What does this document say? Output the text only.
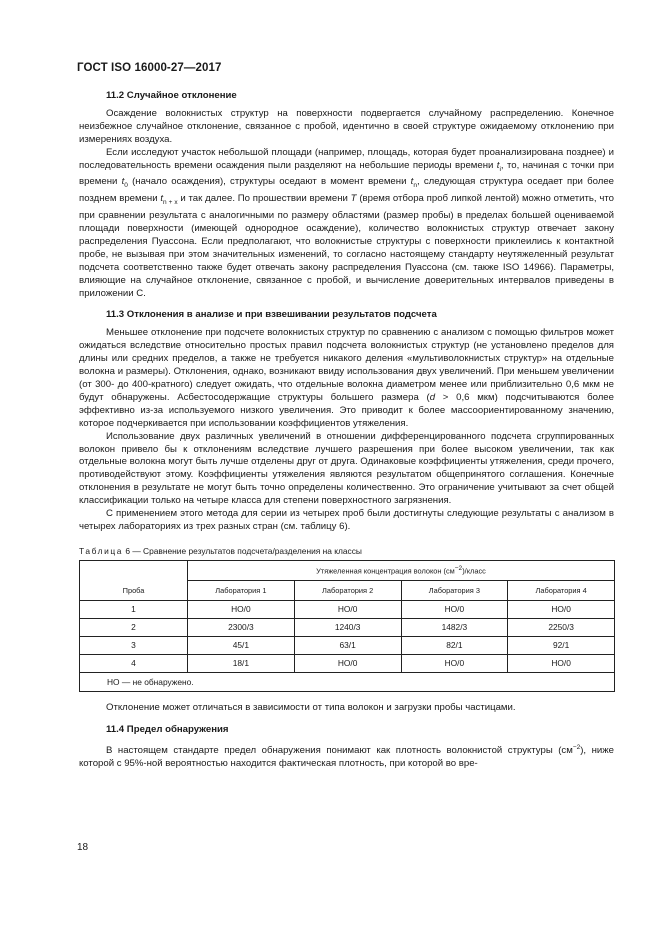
ГОСТ ISO 16000-27—2017
11.2 Случайное отклонение

Осаждение волокнистых структур на поверхности подвергается случайному распределению. Конечное неизбежное случайное отклонение, связанное с пробой, идентично в своей структуре ожидаемому отклонению при измерениях воздуха.

Если исследуют участок небольшой площади (например, площадь, которая будет проанализирована позднее) и последовательность времени осаждения пыли разделяют на небольшие периоды времени $t_i$, то, начиная с точки при времени $t_0$ (начало осаждения), структуры оседают в момент времени $t_n$, следующая структура оседает при более позднем времени $t_{n + x}$ и так далее. По прошествии времени T (время отбора проб липкой лентой) можно отметить, что при сравнении результата с аналогичными по размеру областями (размер пробы) в пределах большей оцениваемой площади поверхности (имеющей однородное осаждение), количество волокнистых структур отвечает закону распределения Пуассона. Если предполагают, что волокнистые структуры с поверхности приклеились к контактной пробе, не вызывая при этом значительных изменений, то согласно настоящему стандарту неутяжеленный результат подсчета соответственно также будет отвечать закону распределения Пуассона (см. также ISO 14966). Параметры, влияющие на случайное отклонение, связанное с пробой, и вычисление доверительных интервалов приведены в приложении С.

11.3 Отклонения в анализе и при взвешивании результатов подсчета

Меньшее отклонение при подсчете волокнистых структур по сравнению с анализом с помощью фильтров может ожидаться вследствие относительно простых правил подсчета волокнистых структур (не установлено пределов для длины или средних пределов, а также не требуется никакого деления «мультиволокнистых структур» на отдельные волокна и размеры). Отклонения, однако, возникают ввиду использования двух увеличений. При меньшем увеличении (от 300- до 400-кратного) следует ожидать, что отдельные волокна диаметром менее или приблизительно 0,6 мкм не будут обнаружены. Асбестосодержащие структуры большего размера (d > 0,6 мкм) подсчитываются более эффективно из-за используемого низкого увеличения. Это приводит к более массоориентированному значению, которое подчеркивается при использовании коэффициентов утяжеления.

Использование двух различных увеличений в отношении дифференцированного подсчета сгруппированных волокон привело бы к отклонениям вследствие лучшего разрешения при более высоком увеличении, так как отдельные волокна могут быть лучше отделены друг от друга. Одинаковые коэффициенты утяжеления, среди прочего, противодействуют этому. Коэффициенты утяжеления являются результатом общепринятого соглашения. Конечные отклонения в результате не могут быть точно определены количественно. Это ограничение учитывают за счет общей классификации только на четыре класса для степени поверхностного загрязнения.

С применением этого метода для серии из четырех проб были достигнуты следующие результаты с анализом в четырех лабораториях из трех разных стран (см. таблицу 6).

Таблица 6 — Сравнение результатов подсчета/разделения на классы
	Утяжеленная концентрация волокон $(см^{-2})$/класс			
Проба	Лаборатория 1	Лаборатория 2	Лаборатория 3	Лаборатория 4
1	НО/0	НО/0	НО/0	НО/0
2	2300/3	1240/3	1482/3	2250/3
3	45/1	63/1	82/1	92/1
4	18/1	НО/0	НО/0	НО/0
НО — не обнаружено.				

Отклонение может отличаться в зависимости от типа волокон и загрузки пробы частицами.

11.4 Предел обнаружения

В настоящем стандарте предел обнаружения понимают как плотность волокнистой структуры $(см^{-2})$, ниже которой с 95%-ной вероятностью находится фактическая плотность, при которой во вре-

18
